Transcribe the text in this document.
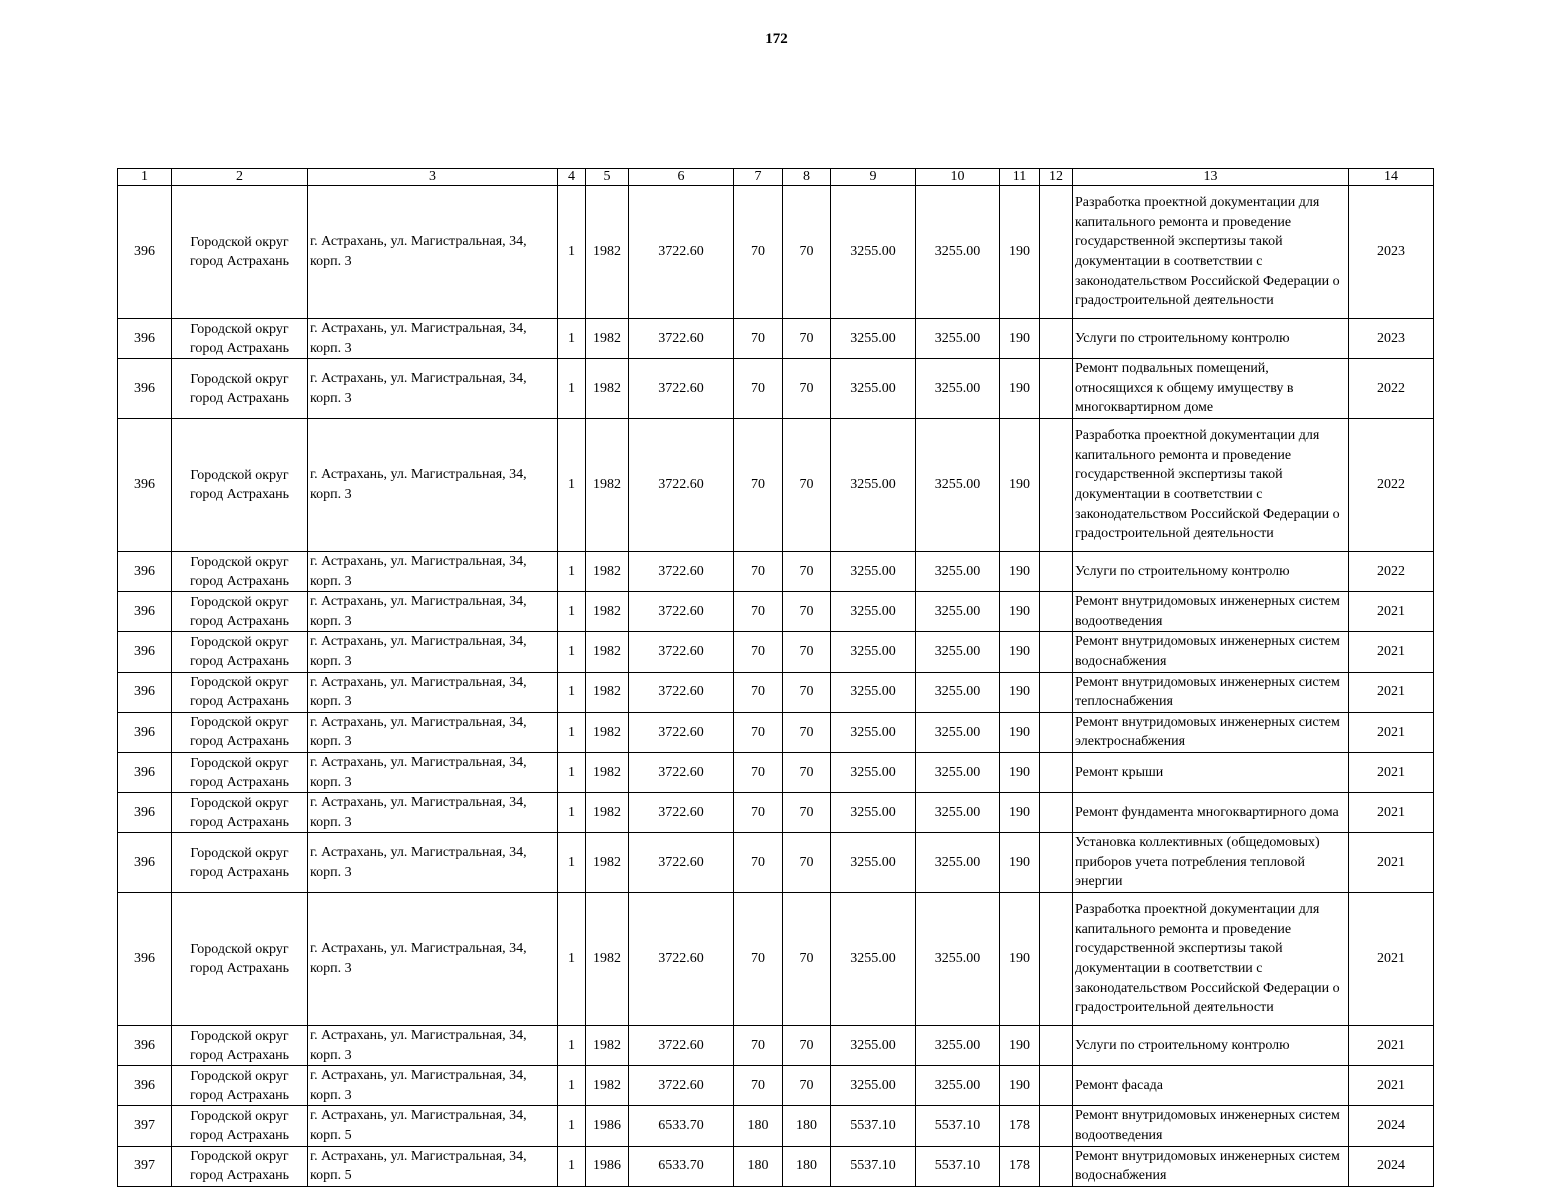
172
1	2	3	4	5	6	7	8	9	10	11	12	13	14
396	Городской округ город Астрахань	г. Астрахань, ул. Магистральная, 34, корп. 3	1	1982	3722.60	70	70	3255.00	3255.00	190		Разработка проектной документации для капитального ремонта и проведение государственной экспертизы такой документации в соответствии с законодательством Российской Федерации о градостроительной деятельности	2023
396	Городской округ город Астрахань	г. Астрахань, ул. Магистральная, 34, корп. 3	1	1982	3722.60	70	70	3255.00	3255.00	190		Услуги по строительному контролю	2023
396	Городской округ город Астрахань	г. Астрахань, ул. Магистральная, 34, корп. 3	1	1982	3722.60	70	70	3255.00	3255.00	190		Ремонт подвальных помещений, относящихся к общему имуществу в многоквартирном доме	2022
396	Городской округ город Астрахань	г. Астрахань, ул. Магистральная, 34, корп. 3	1	1982	3722.60	70	70	3255.00	3255.00	190		Разработка проектной документации для капитального ремонта и проведение государственной экспертизы такой документации в соответствии с законодательством Российской Федерации о градостроительной деятельности	2022
396	Городской округ город Астрахань	г. Астрахань, ул. Магистральная, 34, корп. 3	1	1982	3722.60	70	70	3255.00	3255.00	190		Услуги по строительному контролю	2022
396	Городской округ город Астрахань	г. Астрахань, ул. Магистральная, 34, корп. 3	1	1982	3722.60	70	70	3255.00	3255.00	190		Ремонт внутридомовых инженерных систем водоотведения	2021
396	Городской округ город Астрахань	г. Астрахань, ул. Магистральная, 34, корп. 3	1	1982	3722.60	70	70	3255.00	3255.00	190		Ремонт внутридомовых инженерных систем водоснабжения	2021
396	Городской округ город Астрахань	г. Астрахань, ул. Магистральная, 34, корп. 3	1	1982	3722.60	70	70	3255.00	3255.00	190		Ремонт внутридомовых инженерных систем теплоснабжения	2021
396	Городской округ город Астрахань	г. Астрахань, ул. Магистральная, 34, корп. 3	1	1982	3722.60	70	70	3255.00	3255.00	190		Ремонт внутридомовых инженерных систем электроснабжения	2021
396	Городской округ город Астрахань	г. Астрахань, ул. Магистральная, 34, корп. 3	1	1982	3722.60	70	70	3255.00	3255.00	190		Ремонт крыши	2021
396	Городской округ город Астрахань	г. Астрахань, ул. Магистральная, 34, корп. 3	1	1982	3722.60	70	70	3255.00	3255.00	190		Ремонт фундамента многоквартирного дома	2021
396	Городской округ город Астрахань	г. Астрахань, ул. Магистральная, 34, корп. 3	1	1982	3722.60	70	70	3255.00	3255.00	190		Установка коллективных (общедомовых) приборов учета потребления тепловой энергии	2021
396	Городской округ город Астрахань	г. Астрахань, ул. Магистральная, 34, корп. 3	1	1982	3722.60	70	70	3255.00	3255.00	190		Разработка проектной документации для капитального ремонта и проведение государственной экспертизы такой документации в соответствии с законодательством Российской Федерации о градостроительной деятельности	2021
396	Городской округ город Астрахань	г. Астрахань, ул. Магистральная, 34, корп. 3	1	1982	3722.60	70	70	3255.00	3255.00	190		Услуги по строительному контролю	2021
396	Городской округ город Астрахань	г. Астрахань, ул. Магистральная, 34, корп. 3	1	1982	3722.60	70	70	3255.00	3255.00	190		Ремонт фасада	2021
397	Городской округ город Астрахань	г. Астрахань, ул. Магистральная, 34, корп. 5	1	1986	6533.70	180	180	5537.10	5537.10	178		Ремонт внутридомовых инженерных систем водоотведения	2024
397	Городской округ город Астрахань	г. Астрахань, ул. Магистральная, 34, корп. 5	1	1986	6533.70	180	180	5537.10	5537.10	178		Ремонт внутридомовых инженерных систем водоснабжения	2024
